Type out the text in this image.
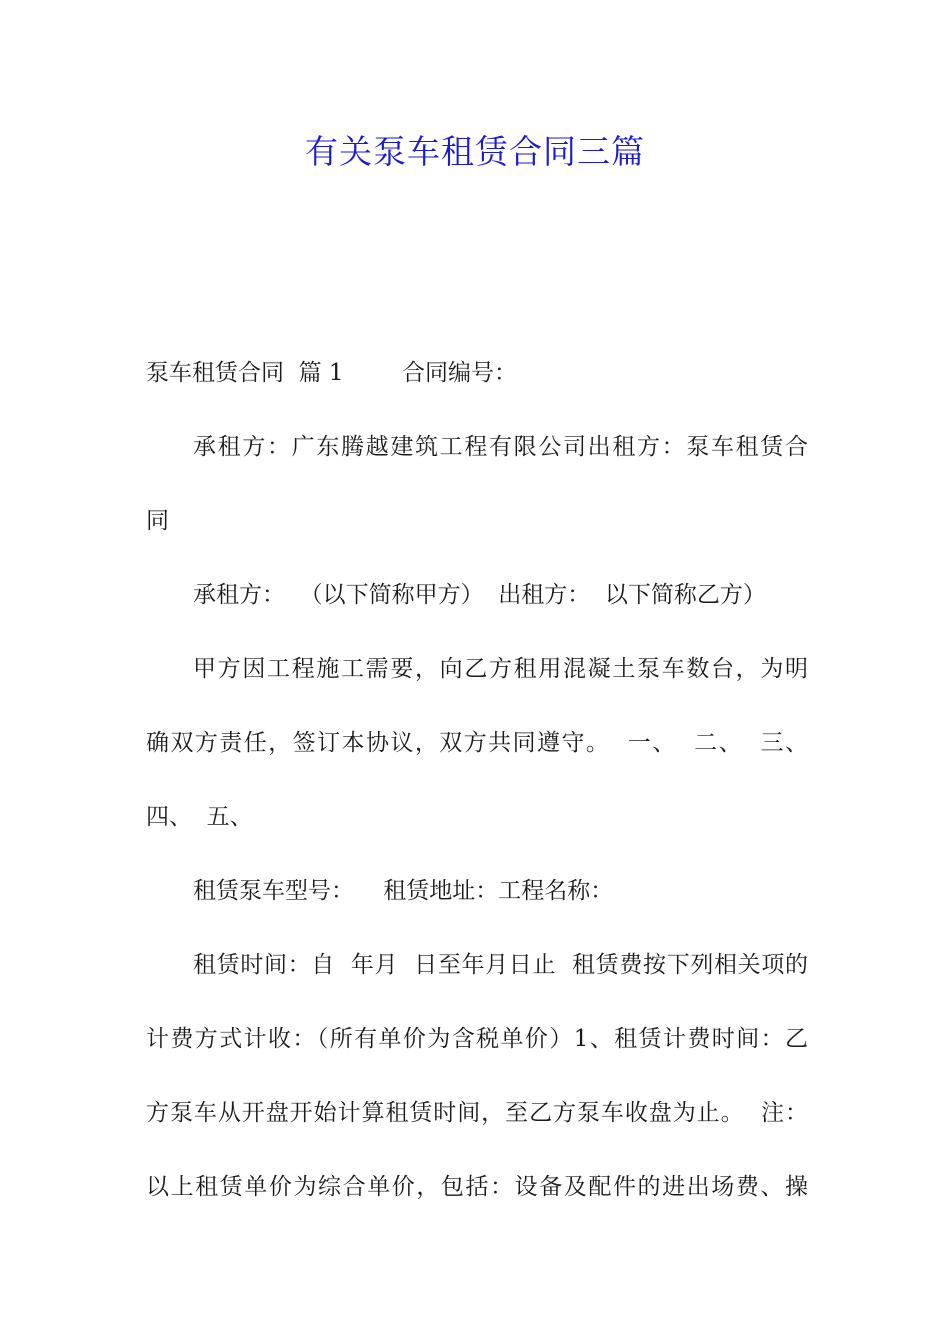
有关泵车租赁合同三篇
泵车租赁合同  篇 1        合同编号：
承租方：广东腾越建筑工程有限公司出租方：泵车租赁合
同
承租方：  （以下简称甲方）  出租方：  以下简称乙方）
甲方因工程施工需要，向乙方租用混凝土泵车数台，为明
确双方责任，签订本协议，双方共同遵守。  一、  二、  三、
四、  五、
租赁泵车型号：    租赁地址：工程名称：
租赁时间：自  年月  日至年月日止  租赁费按下列相关项的
计费方式计收：（所有单价为含税单价）1、租赁计费时间：乙
方泵车从开盘开始计算租赁时间，至乙方泵车收盘为止。  注：
以上租赁单价为综合单价，包括：设备及配件的进出场费、操
